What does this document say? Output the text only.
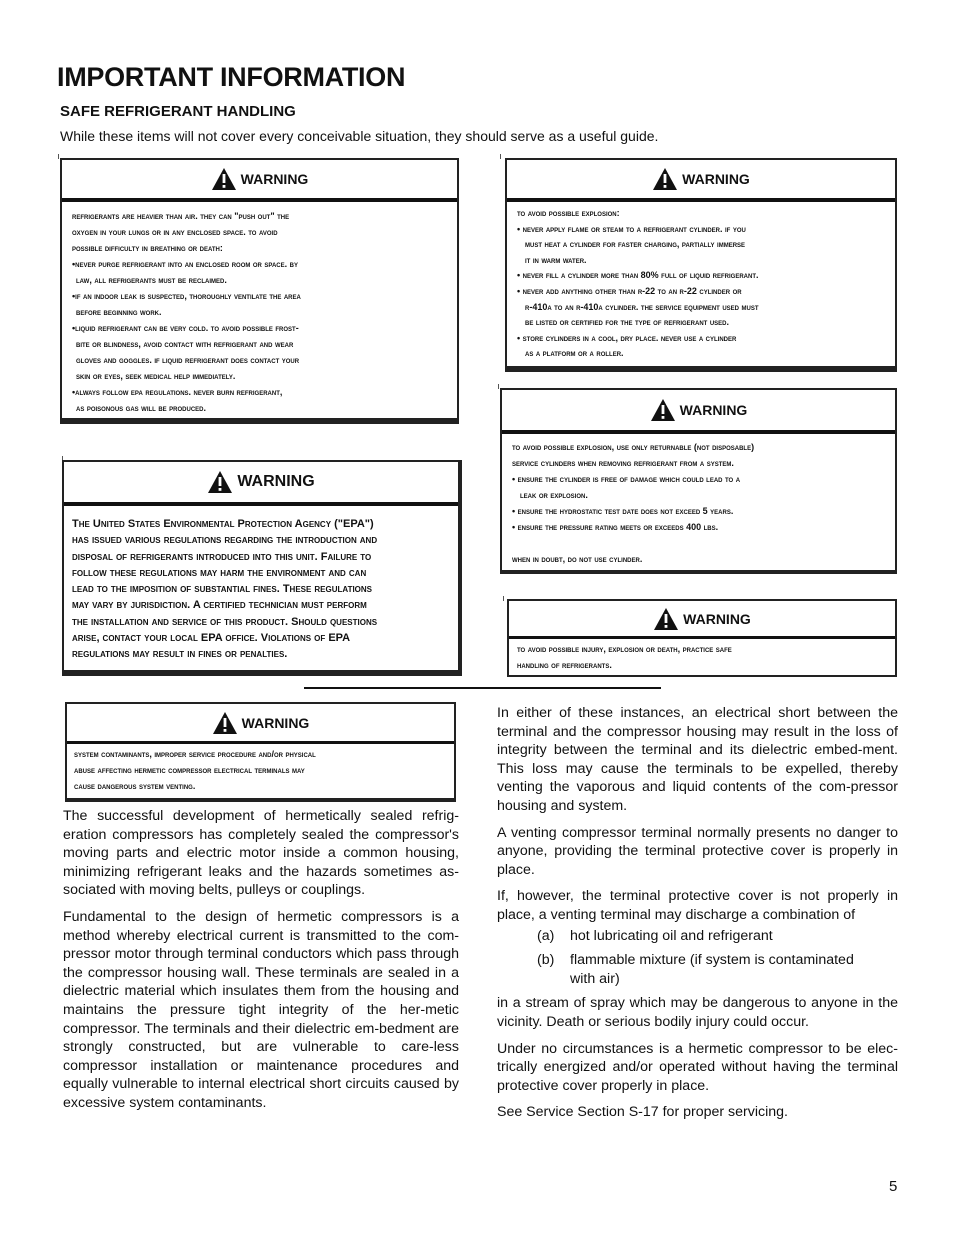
IMPORTANT INFORMATION
SAFE REFRIGERANT HANDLING
While these items will not cover every conceivable situation, they should serve as a useful guide.
WARNING

refrigerants are heavier than air. they can "push out" the

oxygen in your lungs or in any enclosed space. to avoid

possible difficulty in breathing or death:

•never purge refrigerant into an enclosed room or space. by

law, all refrigerants must be reclaimed.

•if an indoor leak is suspected, thoroughly ventilate the area

before beginning work.

•liquid refrigerant can be very cold. to avoid possible frost-

bite or blindness, avoid contact with refrigerant and wear

gloves and goggles. if liquid refrigerant does contact your

skin or eyes, seek medical help immediately.

•always follow epa regulations. never burn refrigerant,

as poisonous gas will be produced.

WARNING

The United States Environmental Protection Agency ("EPA")

has issued various regulations regarding the introduction and

disposal of refrigerants introduced into this unit. Failure to

follow these regulations may harm the environment and can

lead to the imposition of substantial fines. These regulations

may vary by jurisdiction. A certified technician must perform

the installation and service of this product. Should questions

arise, contact your local EPA office. Violations of EPA

regulations may result in fines or penalties.

WARNING

to avoid possible explosion:

• never apply flame or steam to a refrigerant cylinder. if you

must heat a cylinder for faster charging, partially immerse

it in warm water.

• never fill a cylinder more than 80% full of liquid refrigerant.

• never add anything other than r-22 to an r-22 cylinder or

r-410a to an r-410a cylinder. the service equipment used must

be listed or certified for the type of refrigerant used.

• store cylinders in a cool, dry place. never use a cylinder

as a platform or a roller.

WARNING

to avoid possible explosion, use only returnable (not disposable)

service cylinders when removing refrigerant from a system.

• ensure the cylinder is free of damage which could lead to a

leak or explosion.

• ensure the hydrostatic test date does not exceed 5 years.

• ensure the pressure rating meets or exceeds 400 lbs.

when in doubt, do not use cylinder.

WARNING

to avoid possible injury, explosion or death, practice safe

handling of refrigerants.

WARNING

system contaminants, improper service procedure and/or physical

abuse affecting hermetic compressor electrical terminals may

cause dangerous system venting.

The successful development of hermetically sealed refrig-eration compressors has completely sealed the compressor's moving parts and electric motor inside a common housing, minimizing refrigerant leaks and the hazards sometimes as-sociated with moving belts, pulleys or couplings.

Fundamental to the design of hermetic compressors is a method whereby electrical current is transmitted to the com-pressor motor through terminal conductors which pass through the compressor housing wall. These terminals are sealed in a dielectric material which insulates them from the housing and maintains the pressure tight integrity of the her-metic compressor. The terminals and their dielectric em-bedment are strongly constructed, but are vulnerable to care-less compressor installation or maintenance procedures and equally vulnerable to internal electrical short circuits caused by excessive system contaminants.

In either of these instances, an electrical short between the terminal and the compressor housing may result in the loss of integrity between the terminal and its dielectric embed-ment. This loss may cause the terminals to be expelled, thereby venting the vaporous and liquid contents of the com-pressor housing and system.

A venting compressor terminal normally presents no danger to anyone, providing the terminal protective cover is properly in place.

If, however, the terminal protective cover is not properly in place, a venting terminal may discharge a combination of

(a)	hot lubricating oil and refrigerant
(b)	flammable mixture (if system is contaminated with air)

in a stream of spray which may be dangerous to anyone in the vicinity. Death or serious bodily injury could occur.

Under no circumstances is a hermetic compressor to be elec-trically energized and/or operated without having the terminal protective cover properly in place.

See Service Section S-17 for proper servicing.

5
